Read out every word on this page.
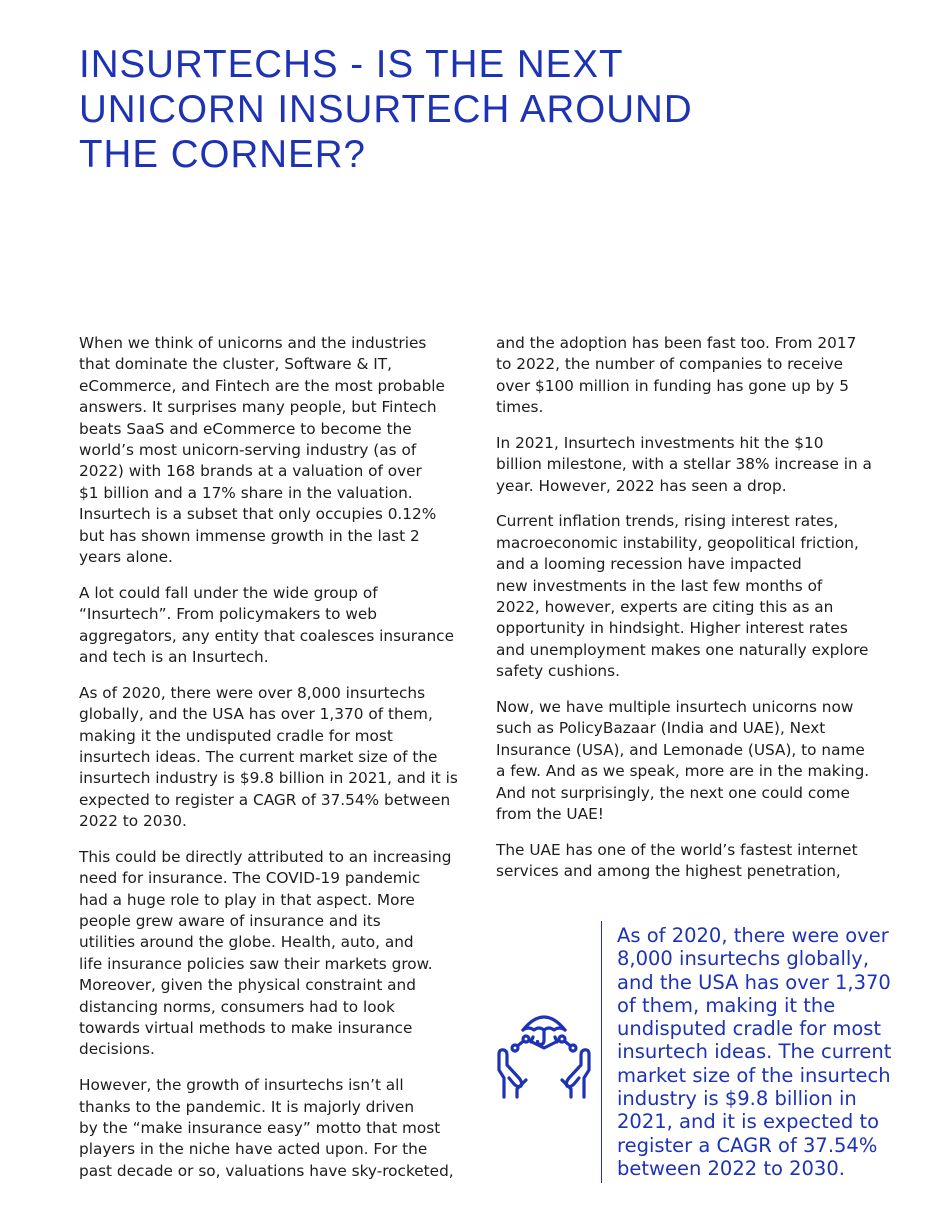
INSURTECHS - IS THE NEXT
UNICORN INSURTECH AROUND
THE CORNER?

When we think of unicorns and the industries
that dominate the cluster, Software & IT,
eCommerce, and Fintech are the most probable
answers. It surprises many people, but Fintech
beats SaaS and eCommerce to become the
world’s most unicorn-serving industry (as of
2022) with 168 brands at a valuation of over
$1 billion and a 17% share in the valuation.
Insurtech is a subset that only occupies 0.12%
but has shown immense growth in the last 2
years alone.

A lot could fall under the wide group of
“Insurtech”. From policymakers to web
aggregators, any entity that coalesces insurance
and tech is an Insurtech.

As of 2020, there were over 8,000 insurtechs
globally, and the USA has over 1,370 of them,
making it the undisputed cradle for most
insurtech ideas. The current market size of the
insurtech industry is $9.8 billion in 2021, and it is
expected to register a CAGR of 37.54% between
2022 to 2030.

This could be directly attributed to an increasing
need for insurance. The COVID-19 pandemic
had a huge role to play in that aspect. More
people grew aware of insurance and its
utilities around the globe. Health, auto, and
life insurance policies saw their markets grow.
Moreover, given the physical constraint and
distancing norms, consumers had to look
towards virtual methods to make insurance
decisions.

However, the growth of insurtechs isn’t all
thanks to the pandemic. It is majorly driven
by the “make insurance easy” motto that most
players in the niche have acted upon. For the
past decade or so, valuations have sky-rocketed,

and the adoption has been fast too. From 2017
to 2022, the number of companies to receive
over $100 million in funding has gone up by 5
times.

In 2021, Insurtech investments hit the $10
billion milestone, with a stellar 38% increase in a
year. However, 2022 has seen a drop.

Current inflation trends, rising interest rates,
macroeconomic instability, geopolitical friction,
and a looming recession have impacted
new investments in the last few months of
2022, however, experts are citing this as an
opportunity in hindsight. Higher interest rates
and unemployment makes one naturally explore
safety cushions.

Now, we have multiple insurtech unicorns now
such as PolicyBazaar (India and UAE), Next
Insurance (USA), and Lemonade (USA), to name
a few. And as we speak, more are in the making.
And not surprisingly, the next one could come
from the UAE!

The UAE has one of the world’s fastest internet
services and among the highest penetration,

As of 2020, there were over
8,000 insurtechs globally,
and the USA has over 1,370
of them, making it the
undisputed cradle for most
insurtech ideas. The current
market size of the insurtech
industry is $9.8 billion in
2021, and it is expected to
register a CAGR of 37.54%
between 2022 to 2030.
